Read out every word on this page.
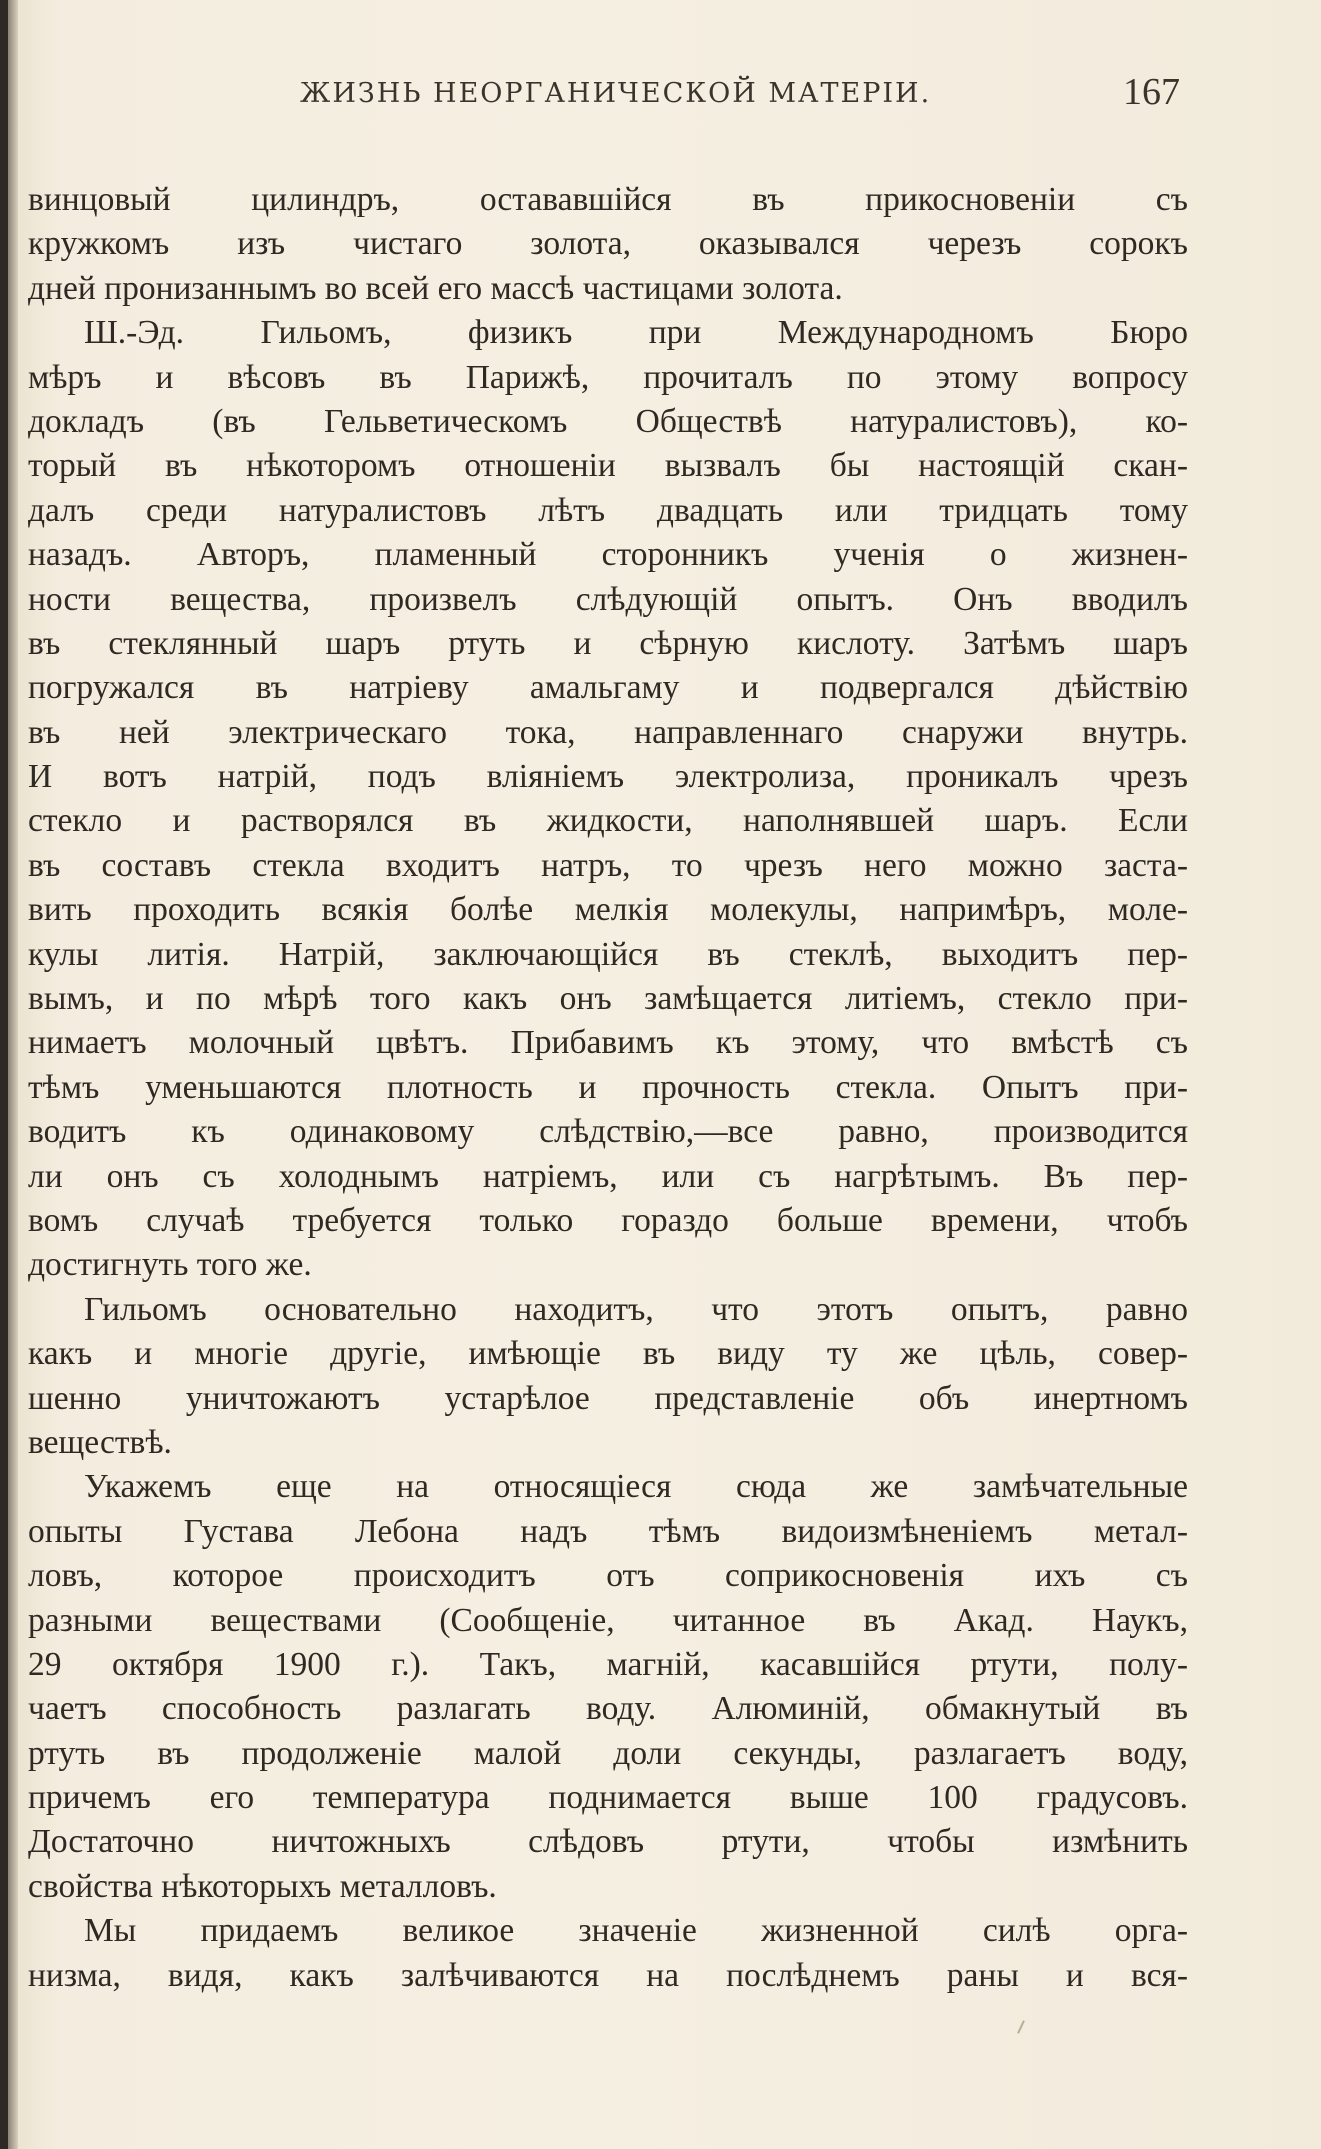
ЖИЗНЬ НЕОРГАНИЧЕСКОЙ МАТЕРІИ.	167
винцовый цилиндръ, остававшійся въ прикосновеніи съ
кружкомъ изъ чистаго золота, оказывался черезъ сорокъ
дней пронизаннымъ во всей его массѣ частицами золота.
Ш.-Эд. Гильомъ, физикъ при Международномъ Бюро
мѣръ и вѣсовъ въ Парижѣ, прочиталъ по этому вопросу
докладъ (въ Гельветическомъ Обществѣ натуралистовъ), ко-
торый въ нѣкоторомъ отношеніи вызвалъ бы настоящій скан-
далъ среди натуралистовъ лѣтъ двадцать или тридцать тому
назадъ. Авторъ, пламенный сторонникъ ученія о жизнен-
ности вещества, произвелъ слѣдующій опытъ. Онъ вводилъ
въ стеклянный шаръ ртуть и сѣрную кислоту. Затѣмъ шаръ
погружался въ натріеву амальгаму и подвергался дѣйствію
въ ней электрическаго тока, направленнаго снаружи внутрь.
И вотъ натрій, подъ вліяніемъ электролиза, проникалъ чрезъ
стекло и растворялся въ жидкости, наполнявшей шаръ. Если
въ составъ стекла входитъ натръ, то чрезъ него можно заста-
вить проходить всякія болѣе мелкія молекулы, напримѣръ, моле-
кулы литія. Натрій, заключающійся въ стеклѣ, выходитъ пер-
вымъ, и по мѣрѣ того какъ онъ замѣщается литіемъ, стекло при-
нимаетъ молочный цвѣтъ. Прибавимъ къ этому, что вмѣстѣ съ
тѣмъ уменьшаются плотность и прочность стекла. Опытъ при-
водитъ къ одинаковому слѣдствію,—все равно, производится
ли онъ съ холоднымъ натріемъ, или съ нагрѣтымъ. Въ пер-
вомъ случаѣ требуется только гораздо больше времени, чтобъ
достигнуть того же.
Гильомъ основательно находитъ, что этотъ опытъ, равно
какъ и многіе другіе, имѣющіе въ виду ту же цѣль, совер-
шенно уничтожаютъ устарѣлое представленіе объ инертномъ
веществѣ.
Укажемъ еще на относящіеся сюда же замѣчательные
опыты Густава Лебона надъ тѣмъ видоизмѣненіемъ метал-
ловъ, которое происходитъ отъ соприкосновенія ихъ съ
разными веществами (Сообщеніе, читанное въ Акад. Наукъ,
29 октября 1900 г.). Такъ, магній, касавшійся ртути, полу-
чаетъ способность разлагать воду. Алюминій, обмакнутый въ
ртуть въ продолженіе малой доли секунды, разлагаетъ воду,
причемъ его температура поднимается выше 100 градусовъ.
Достаточно ничтожныхъ слѣдовъ ртути, чтобы измѣнить
свойства нѣкоторыхъ металловъ.
Мы придаемъ великое значеніе жизненной силѣ орга-
низма, видя, какъ залѣчиваются на послѣднемъ раны и вся-
